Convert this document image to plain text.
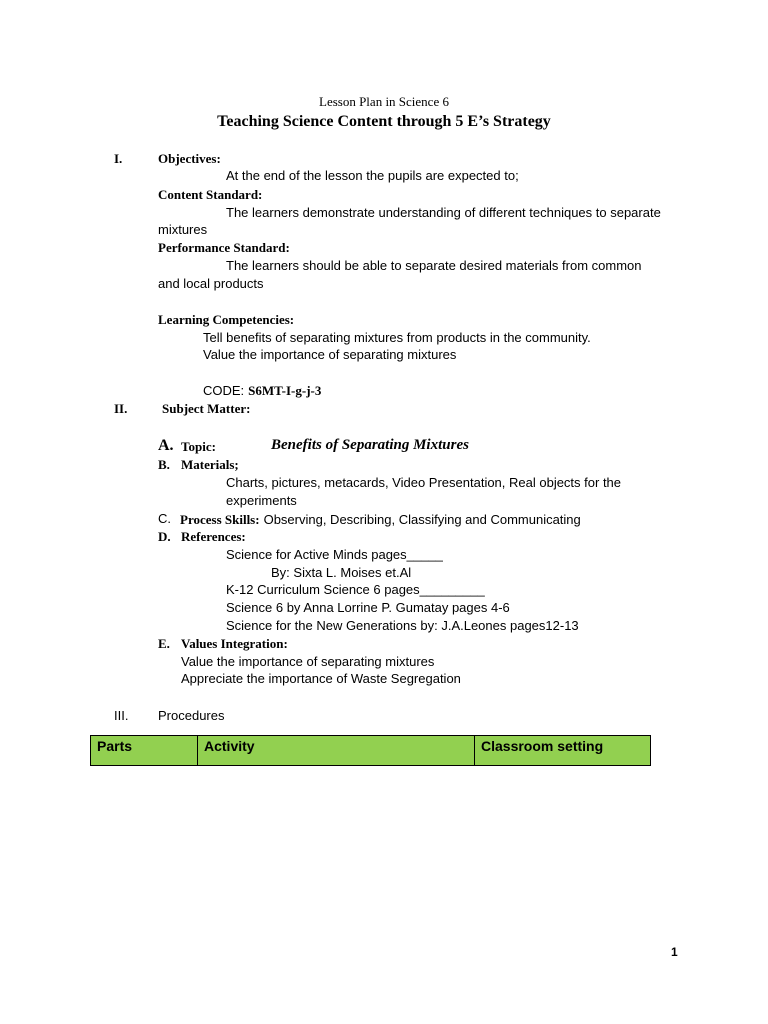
Lesson Plan in Science 6
Teaching Science Content through 5 E’s Strategy
I.	Objectives:
At the end of the lesson the pupils are expected to;
Content Standard:
The learners demonstrate understanding of different techniques to separate
mixtures
Performance Standard:
The learners should be able to separate desired materials from common
and local products
Learning Competencies:
Tell benefits of separating mixtures from products in the community.
Value the importance of separating mixtures
CODE: S6MT-I-g-j-3
II.	Subject Matter:
A. Topic:	Benefits of Separating Mixtures
B. Materials;
Charts, pictures, metacards, Video Presentation, Real objects for the
experiments
C. Process Skills: Observing, Describing, Classifying and Communicating
D. References:
Science for Active Minds pages_____
By: Sixta L. Moises et.Al
K-12 Curriculum Science 6 pages_________
Science 6 by Anna Lorrine P. Gumatay pages 4-6
Science for the New Generations by: J.A.Leones pages12-13
E. Values Integration:
Value the importance of separating mixtures
Appreciate the importance of Waste Segregation
III. Procedures
Parts	Activity	Classroom setting
1
